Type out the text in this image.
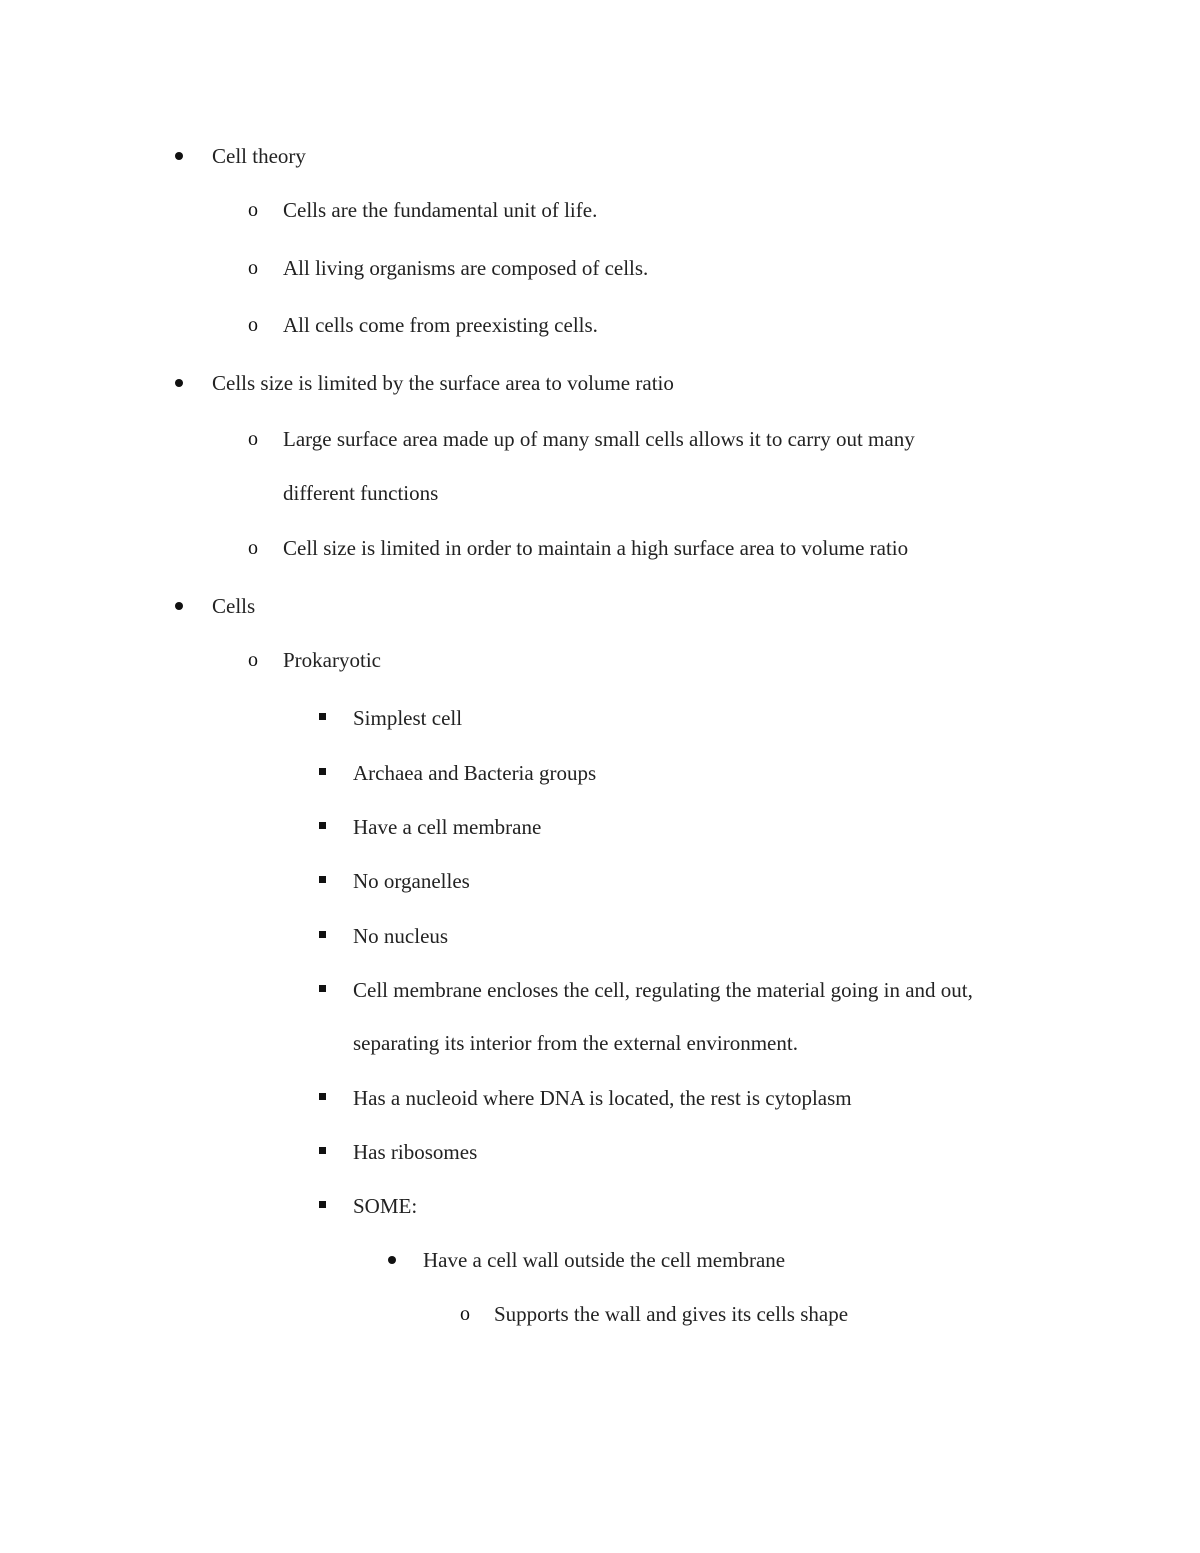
Cell theory
o Cells are the fundamental unit of life.
o All living organisms are composed of cells.
o All cells come from preexisting cells.
Cells size is limited by the surface area to volume ratio
o Large surface area made up of many small cells allows it to carry out many
different functions
o Cell size is limited in order to maintain a high surface area to volume ratio
Cells
o Prokaryotic
Simplest cell
Archaea and Bacteria groups
Have a cell membrane
No organelles
No nucleus
Cell membrane encloses the cell, regulating the material going in and out,
separating its interior from the external environment.
Has a nucleoid where DNA is located, the rest is cytoplasm
Has ribosomes
SOME:
Have a cell wall outside the cell membrane
o Supports the wall and gives its cells shape
